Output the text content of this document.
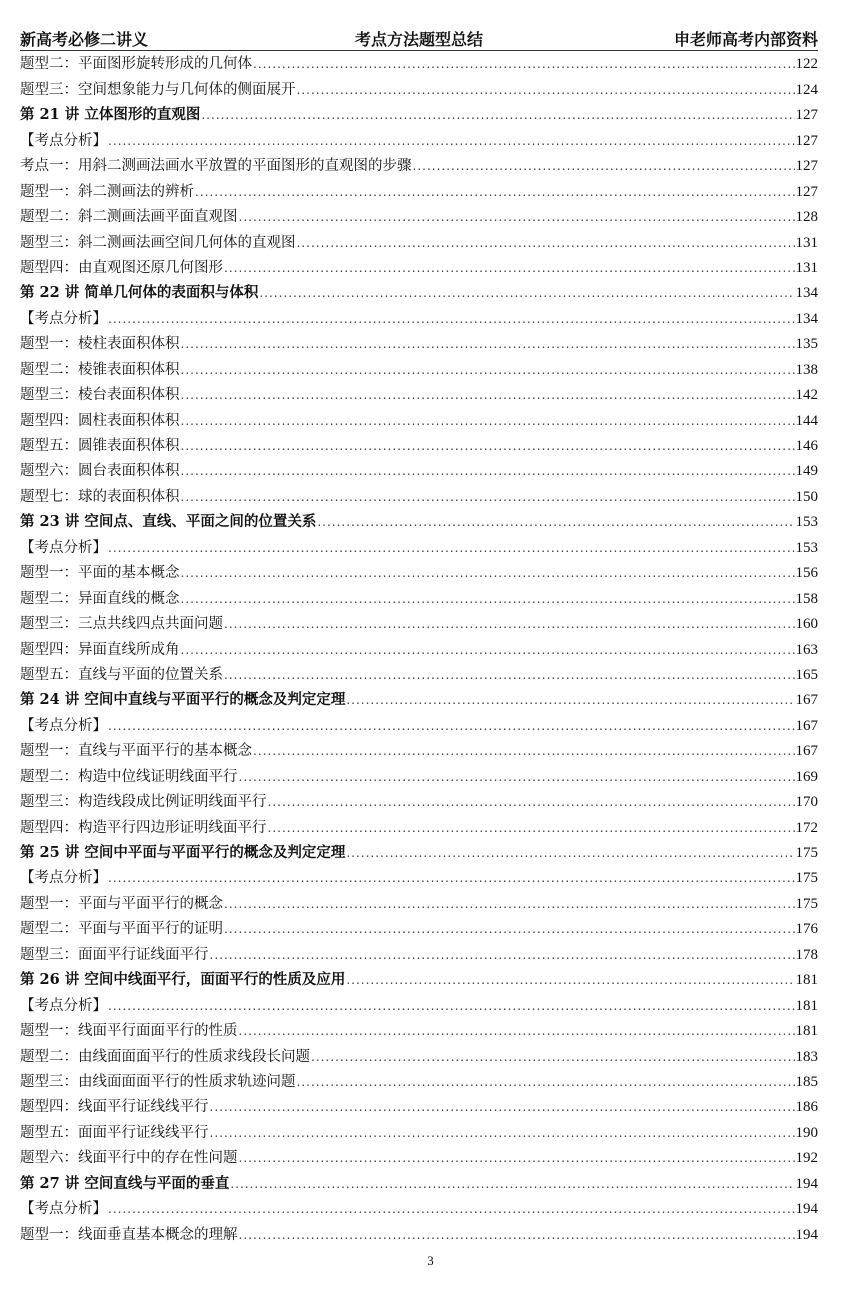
新高考必修二讲义	考点方法题型总结	申老师高考内部资料
题型二：平面图形旋转形成的几何体 .....	122
题型三：空间想象能力与几何体的侧面展开 .....	124
第 21 讲 立体图形的直观图 .....	127
【考点分析】 .....	127
考点一：用斜二测画法画水平放置的平面图形的直观图的步骤 .....	127
题型一：斜二测画法的辨析 .....	127
题型二：斜二测画法画平面直观图 .....	128
题型三：斜二测画法画空间几何体的直观图 .....	131
题型四：由直观图还原几何图形 .....	131
第 22 讲 简单几何体的表面积与体积 .....	134
【考点分析】 .....	134
题型一：棱柱表面积体积 .....	135
题型二：棱锥表面积体积 .....	138
题型三：棱台表面积体积 .....	142
题型四：圆柱表面积体积 .....	144
题型五：圆锥表面积体积 .....	146
题型六：圆台表面积体积 .....	149
题型七：球的表面积体积 .....	150
第 23 讲 空间点、直线、平面之间的位置关系 .....	153
【考点分析】 .....	153
题型一：平面的基本概念 .....	156
题型二：异面直线的概念 .....	158
题型三：三点共线四点共面问题 .....	160
题型四：异面直线所成角 .....	163
题型五：直线与平面的位置关系 .....	165
第 24 讲 空间中直线与平面平行的概念及判定定理 .....	167
【考点分析】 .....	167
题型一：直线与平面平行的基本概念 .....	167
题型二：构造中位线证明线面平行 .....	169
题型三：构造线段成比例证明线面平行 .....	170
题型四：构造平行四边形证明线面平行 .....	172
第 25 讲 空间中平面与平面平行的概念及判定定理 .....	175
【考点分析】 .....	175
题型一：平面与平面平行的概念 .....	175
题型二：平面与平面平行的证明 .....	176
题型三：面面平行证线面平行 .....	178
第 26 讲 空间中线面平行，面面平行的性质及应用 .....	181
【考点分析】 .....	181
题型一：线面平行面面平行的性质 .....	181
题型二：由线面面面平行的性质求线段长问题 .....	183
题型三：由线面面面平行的性质求轨迹问题 .....	185
题型四：线面平行证线线平行 .....	186
题型五：面面平行证线线平行 .....	190
题型六：线面平行中的存在性问题 .....	192
第 27 讲 空间直线与平面的垂直 .....	194
【考点分析】 .....	194
题型一：线面垂直基本概念的理解 .....	194
3
